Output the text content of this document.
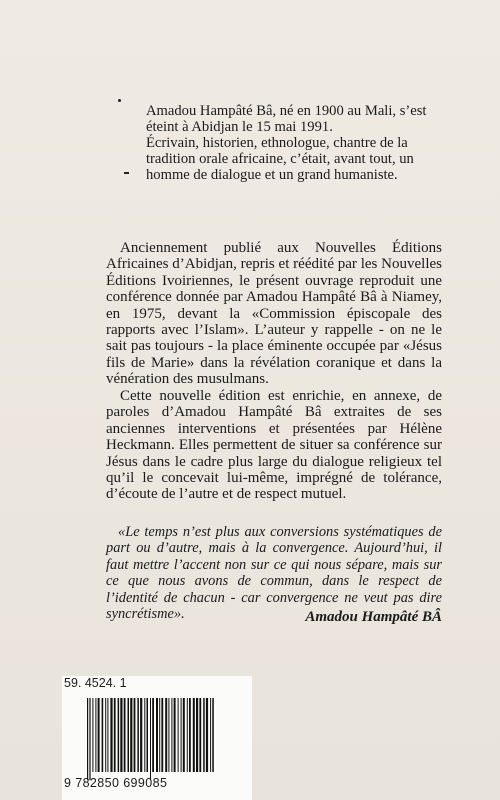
Amadou Hampâté Bâ, né en 1900 au Mali, s’est éteint à Abidjan le 15 mai 1991.

Écrivain, historien, ethnologue, chantre de la tradition orale africaine, c’était, avant tout, un homme de dialogue et un grand humaniste.

Anciennement publié aux Nouvelles Éditions Africaines d’Abidjan, repris et réédité par les Nouvelles Éditions Ivoiriennes, le présent ouvrage reproduit une conférence donnée par Amadou Hampâté Bâ à Niamey, en 1975, devant la «Commission épiscopale des rapports avec l’Islam». L’auteur y rappelle - on ne le sait pas toujours - la place éminente occupée par «Jésus fils de Marie» dans la révélation coranique et dans la vénération des musulmans.

Cette nouvelle édition est enrichie, en annexe, de paroles d’Amadou Hampâté Bâ extraites de ses anciennes interventions et présentées par Hélène Heckmann. Elles permettent de situer sa conférence sur Jésus dans le cadre plus large du dialogue religieux tel qu’il le concevait lui-même, imprégné de tolérance, d’écoute de l’autre et de respect mutuel.

«Le temps n’est plus aux conversions systématiques de part ou d’autre, mais à la convergence. Aujourd’hui, il faut mettre l’accent non sur ce qui nous sépare, mais sur ce que nous avons de commun, dans le respect de l’identité de chacun - car convergence ne veut pas dire syncrétisme».	Amadou Hampâté BÂ
59. 4524. 1
9 782850 699085
